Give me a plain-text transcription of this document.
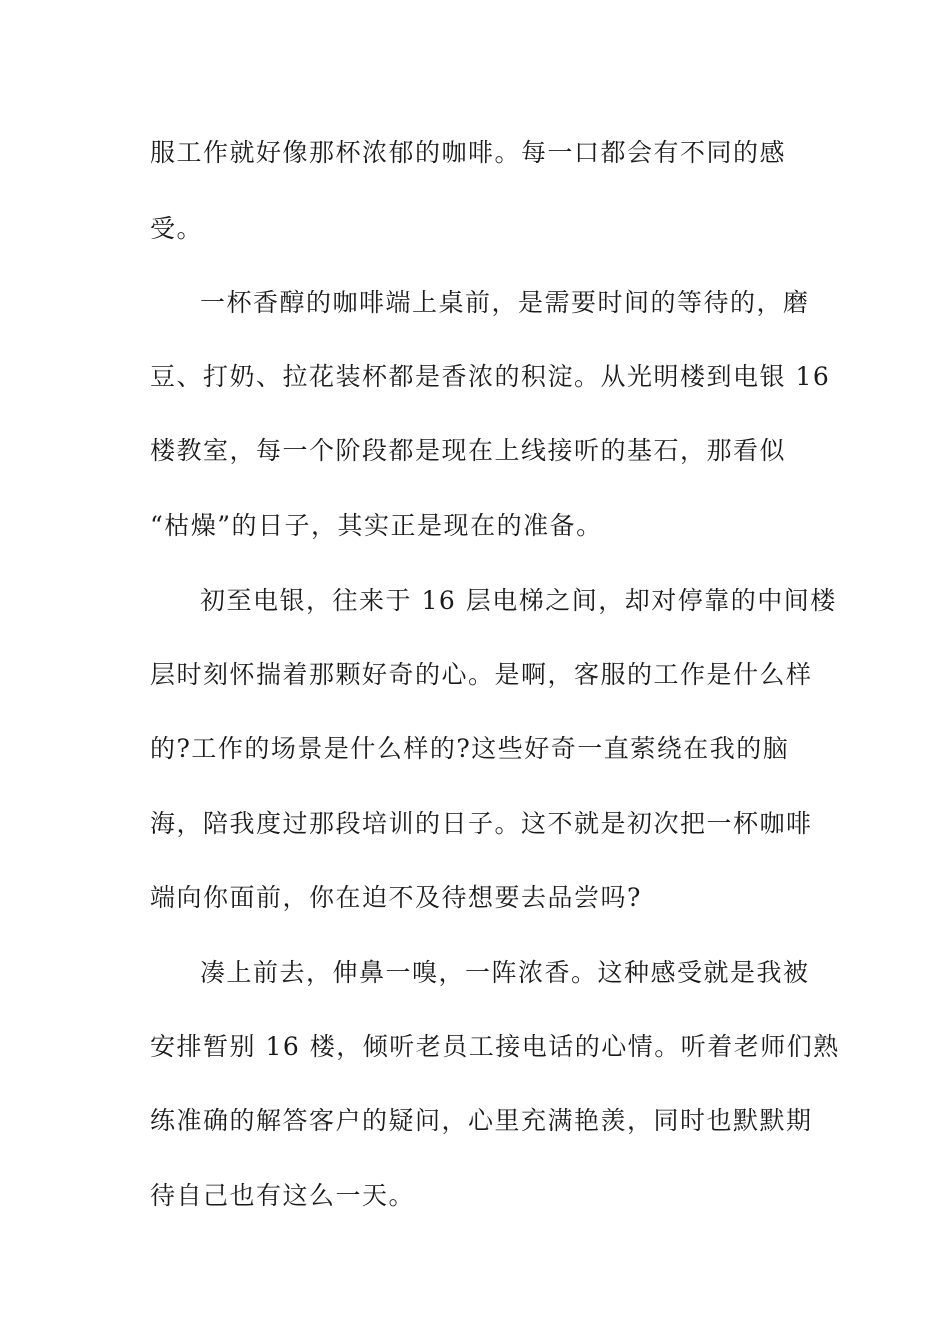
服工作就好像那杯浓郁的咖啡。每一口都会有不同的感
受。
一杯香醇的咖啡端上桌前，是需要时间的等待的，磨
豆、打奶、拉花装杯都是香浓的积淀。从光明楼到电银 16
楼教室，每一个阶段都是现在上线接听的基石，那看似
“枯燥”的日子，其实正是现在的准备。
初至电银，往来于 16 层电梯之间，却对停靠的中间楼
层时刻怀揣着那颗好奇的心。是啊，客服的工作是什么样
的?工作的场景是什么样的?这些好奇一直萦绕在我的脑
海，陪我度过那段培训的日子。这不就是初次把一杯咖啡
端向你面前，你在迫不及待想要去品尝吗?
凑上前去，伸鼻一嗅，一阵浓香。这种感受就是我被
安排暂别 16 楼，倾听老员工接电话的心情。听着老师们熟
练准确的解答客户的疑问，心里充满艳羡，同时也默默期
待自己也有这么一天。
